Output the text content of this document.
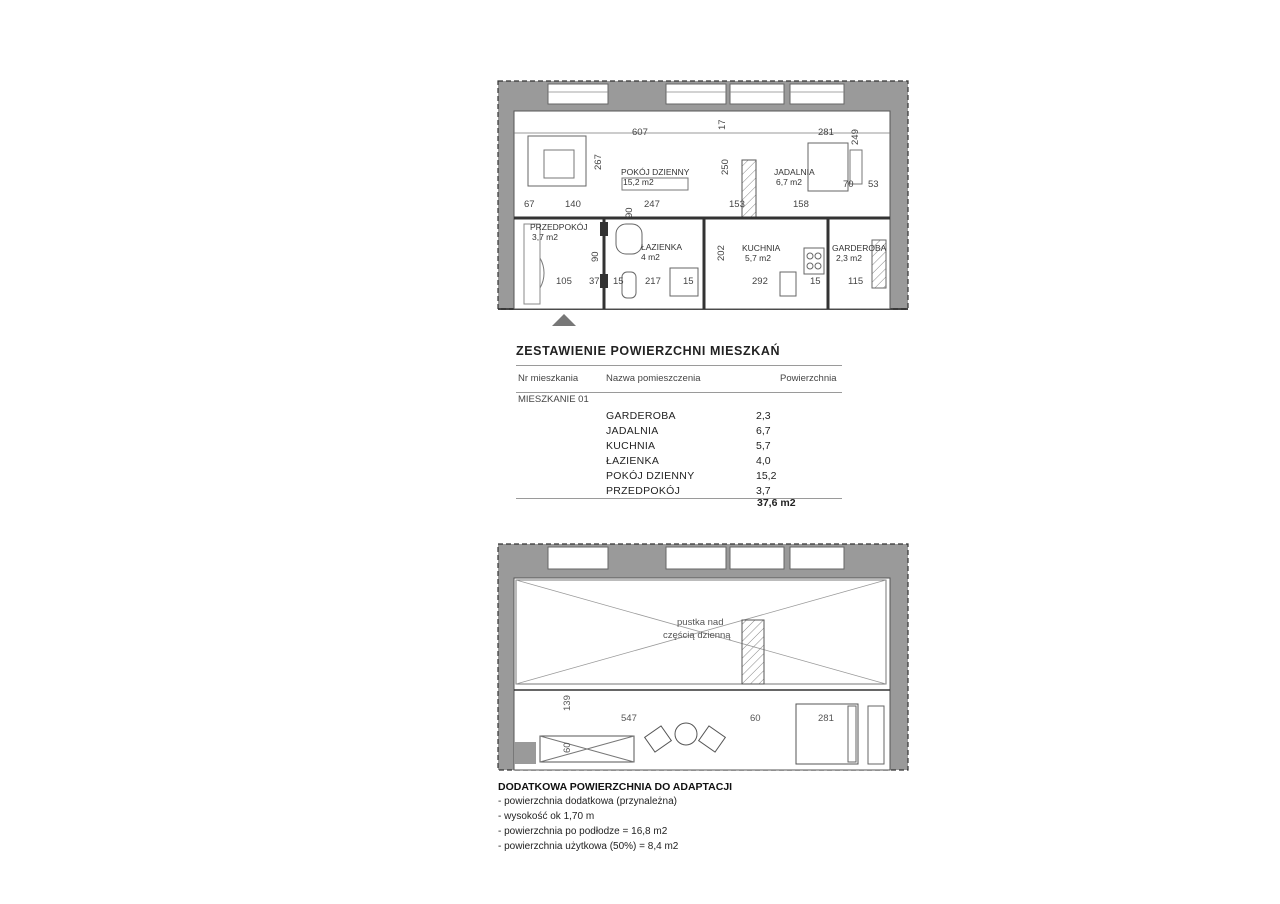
POKÓJ DZIENNY
15,2 m2
JADALNIA
6,7 m2
PRZEDPOKÓJ
3,7 m2
ŁAZIENKA
4 m2
KUCHNIA
5,7 m2
GARDEROBA
2,3 m2
607
17
281
267	250
249
67	140	247	153	158
70 53
90
105 37 15 217 15
202
292	15	115
90
pustka nad
częścią dzienną
139
547	60	281
60
ZESTAWIENIE POWIERZCHNI MIESZKAŃ
Nr mieszkania	Nazwa pomieszczenia	Powierzchnia
MIESZKANIE 01
GARDEROBA	2,3
JADALNIA	6,7
KUCHNIA	5,7
ŁAZIENKA	4,0
POKÓJ DZIENNY	15,2
PRZEDPOKÓJ	3,7
37,6 m2
DODATKOWA POWIERZCHNIA DO ADAPTACJI
- powierzchnia dodatkowa (przynależna)
- wysokość ok 1,70 m
- powierzchnia po podłodze = 16,8 m2
- powierzchnia użytkowa (50%) = 8,4 m2
